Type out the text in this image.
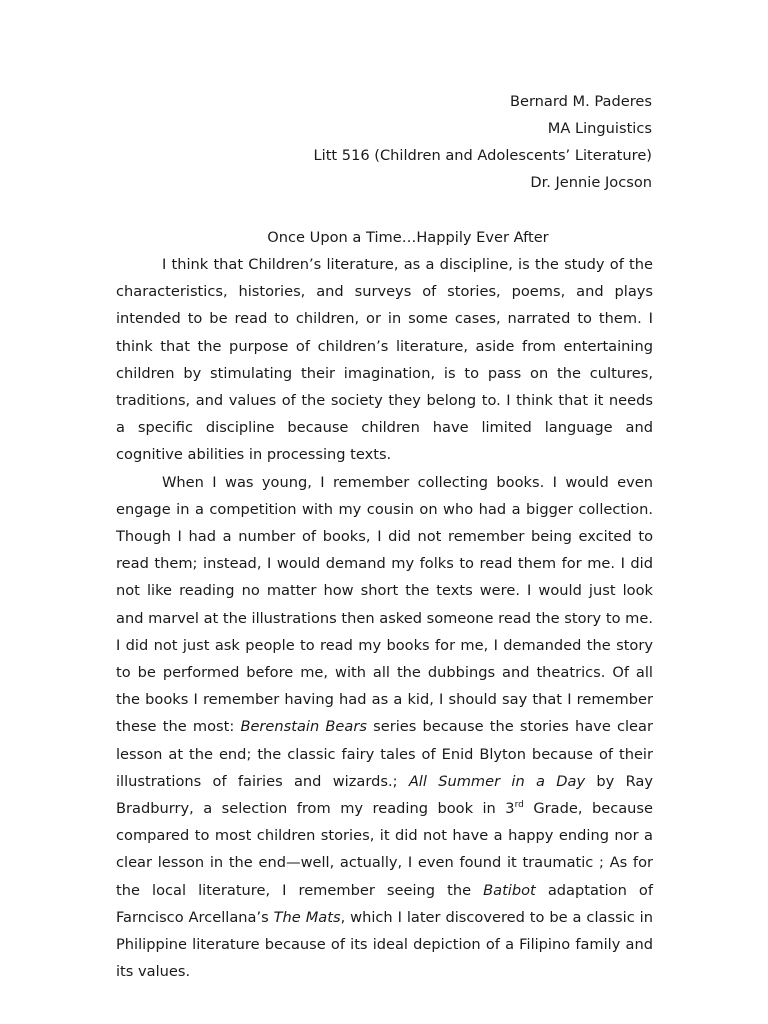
Bernard M. Paderes
MA Linguistics
Litt 516 (Children and Adolescents’ Literature)
Dr. Jennie Jocson
Once Upon a Time…Happily Ever After

I think that Children’s literature, as a discipline, is the study of the characteristics, histories, and surveys of stories, poems, and plays intended to be read to children, or in some cases, narrated to them. I think that the purpose of children’s literature, aside from entertaining children by stimulating their imagination, is to pass on the cultures, traditions, and values of the society they belong to. I think that it needs a specific discipline because children have limited language and cognitive abilities in processing texts.

When I was young, I remember collecting books. I would even engage in a competition with my cousin on who had a bigger collection. Though I had a number of books, I did not remember being excited to read them; instead, I would demand my folks to read them for me. I did not like reading no matter how short the texts were. I would just look and marvel at the illustrations then asked someone read the story to me. I did not just ask people to read my books for me, I demanded the story to be performed before me, with all the dubbings and theatrics. Of all the books I remember having had as a kid, I should say that I remember these the most: Berenstain Bears series because the stories have clear lesson at the end; the classic fairy tales of Enid Blyton because of their illustrations of fairies and wizards.; All Summer in a Day by Ray Bradburry, a selection from my reading book in 3rd Grade, because compared to most children stories, it did not have a happy ending nor a clear lesson in the end—well, actually, I even found it traumatic ; As for the local literature, I remember seeing the Batibot adaptation of Farncisco Arcellana’s The Mats, which I later discovered to be a classic in Philippine literature because of its ideal depiction of a Filipino family and its values.
